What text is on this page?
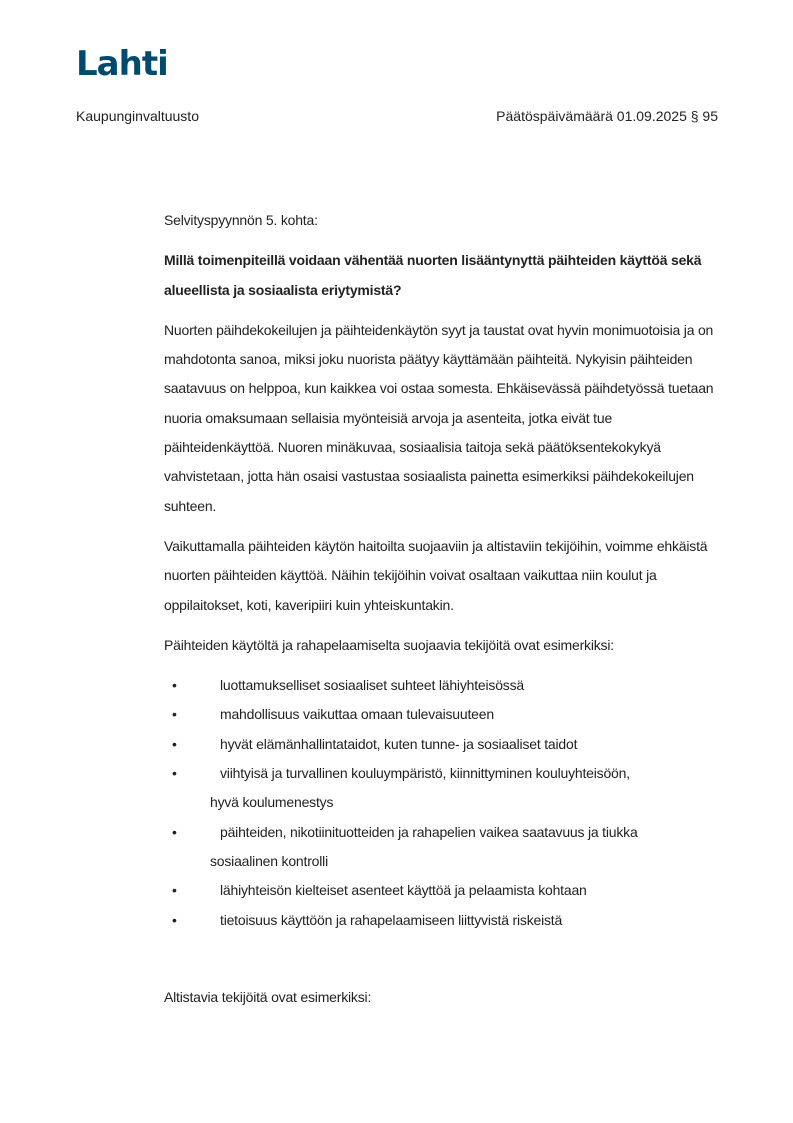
Lahti
Kaupunginvaltuusto	Päätöspäivämäärä 01.09.2025 § 95

Selvityspyynnön 5. kohta:

Millä toimenpiteillä voidaan vähentää nuorten lisääntynyttä päihteiden käyttöä sekä alueellista ja sosiaalista eriytymistä?

Nuorten päihdekokeilujen ja päihteidenkäytön syyt ja taustat ovat hyvin monimuotoisia ja on mahdotonta sanoa, miksi joku nuorista päätyy käyttämään päihteitä. Nykyisin päihteiden saatavuus on helppoa, kun kaikkea voi ostaa somesta. Ehkäisevässä päihdetyössä tuetaan nuoria omaksumaan sellaisia myönteisiä arvoja ja asenteita, jotka eivät tue päihteidenkäyttöä. Nuoren minäkuvaa, sosiaalisia taitoja sekä päätöksentekokykyä vahvistetaan, jotta hän osaisi vastustaa sosiaalista painetta esimerkiksi päihdekokeilujen suhteen.

Vaikuttamalla päihteiden käytön haitoilta suojaaviin ja altistaviin tekijöihin, voimme ehkäistä nuorten päihteiden käyttöä. Näihin tekijöihin voivat osaltaan vaikuttaa niin koulut ja oppilaitokset, koti, kaveripiiri kuin yhteiskuntakin.

Päihteiden käytöltä ja rahapelaamiselta suojaavia tekijöitä ovat esimerkiksi:

•	luottamukselliset sosiaaliset suhteet lähiyhteisössä
•	mahdollisuus vaikuttaa omaan tulevaisuuteen
•	hyvät elämänhallintataidot, kuten tunne- ja sosiaaliset taidot
•	viihtyisä ja turvallinen kouluympäristö, kiinnittyminen kouluyhteisöön,
hyvä koulumenestys
•	päihteiden, nikotiinituotteiden ja rahapelien vaikea saatavuus ja tiukka
sosiaalinen kontrolli
•	lähiyhteisön kielteiset asenteet käyttöä ja pelaamista kohtaan
•	tietoisuus käyttöön ja rahapelaamiseen liittyvistä riskeistä

Altistavia tekijöitä ovat esimerkiksi:
